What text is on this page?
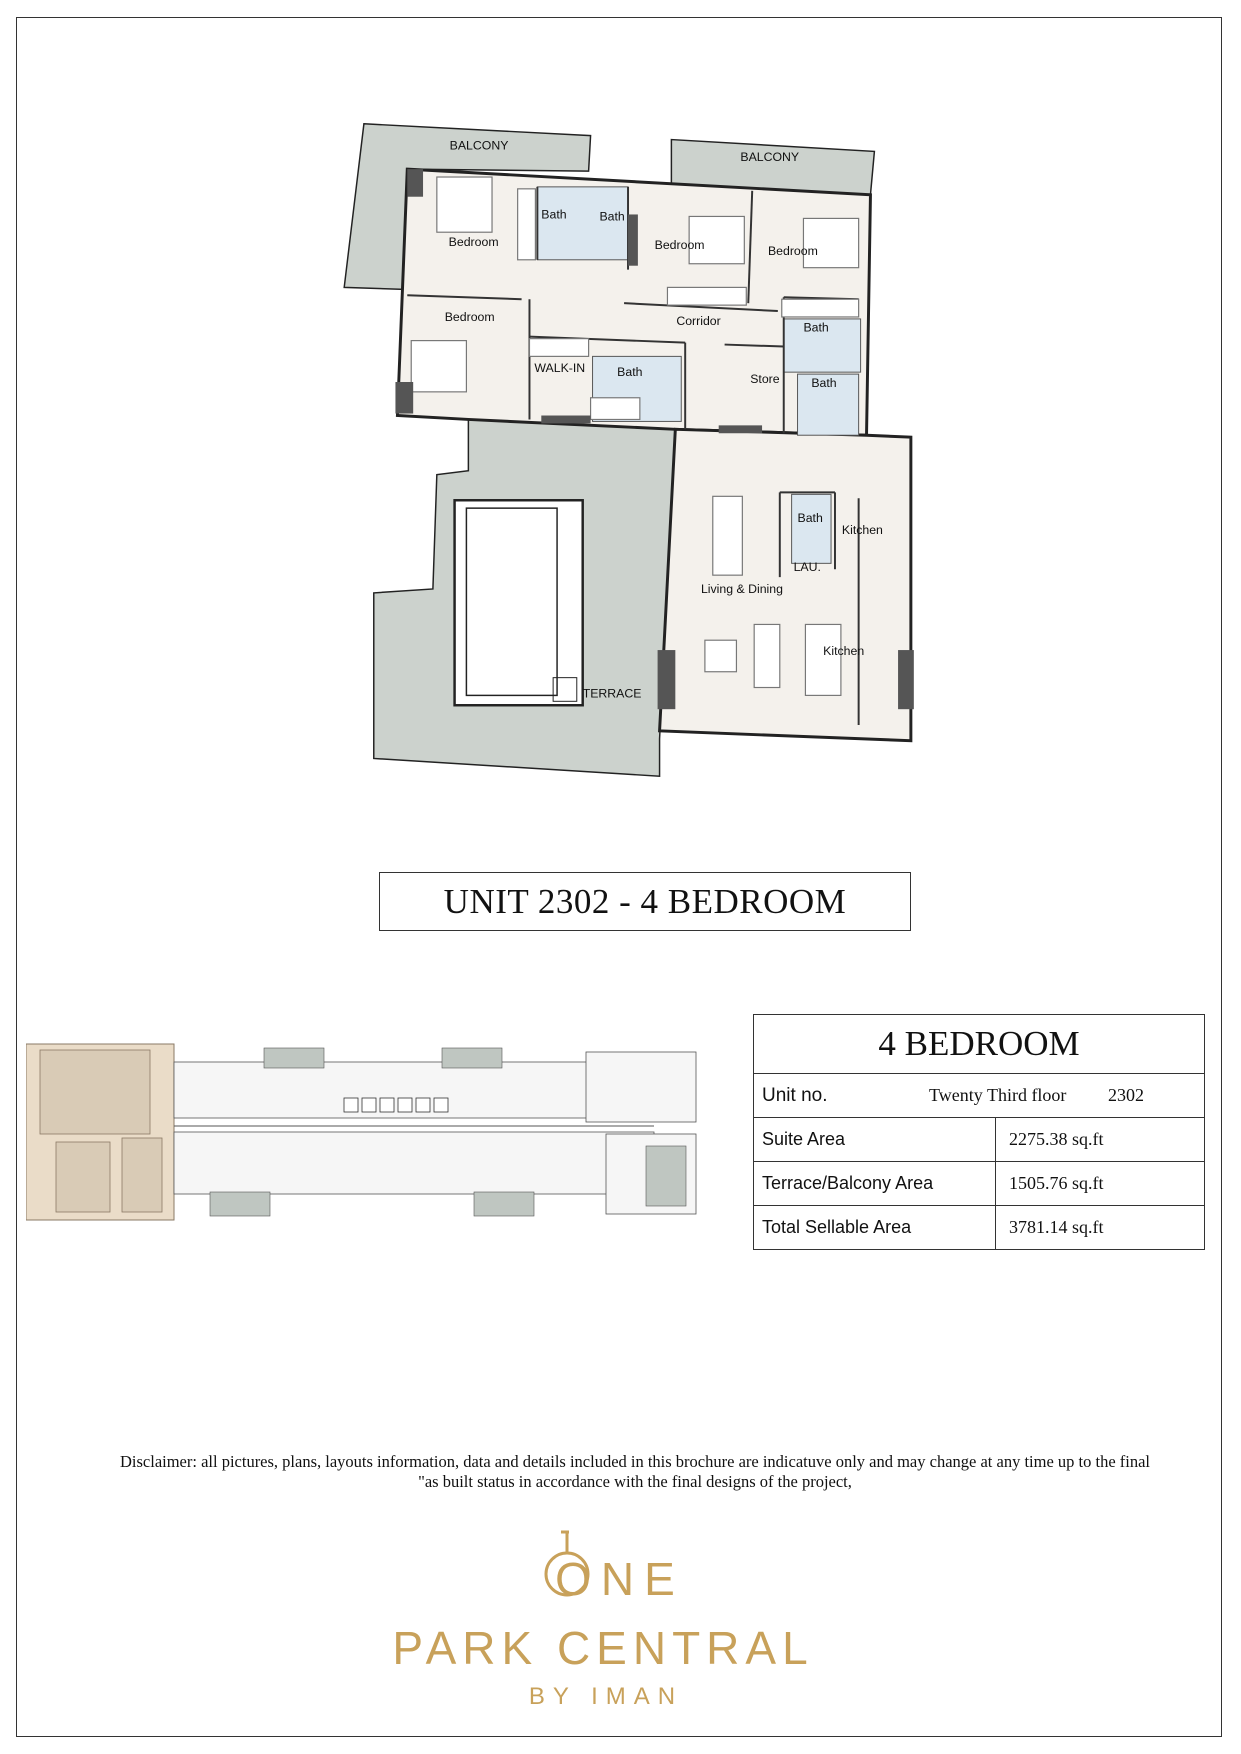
BALCONY
BALCONY
Bedroom
Bath	Bath
Bedroom	Bedroom
Bedroom	Corridor	Bath
WALK-IN	Bath	Store	Bath
Bath
Kitchen
LAU.
Living & Dining
Kitchen
TERRACE
UNIT 2302 - 4 BEDROOM
4 BEDROOM	

Unit no. Twenty Third floor 2302	

Suite Area	2275.38 sq.ft
Terrace/Balcony Area	1505.76 sq.ft
Total Sellable Area	3781.14 sq.ft
Disclaimer: all pictures, plans, layouts information, data and details included in this brochure are indicatuve only and may change at any time up to the final
"as built status in accordance with the final designs of the project,
ONE
PARK CENTRAL
BY IMAN
